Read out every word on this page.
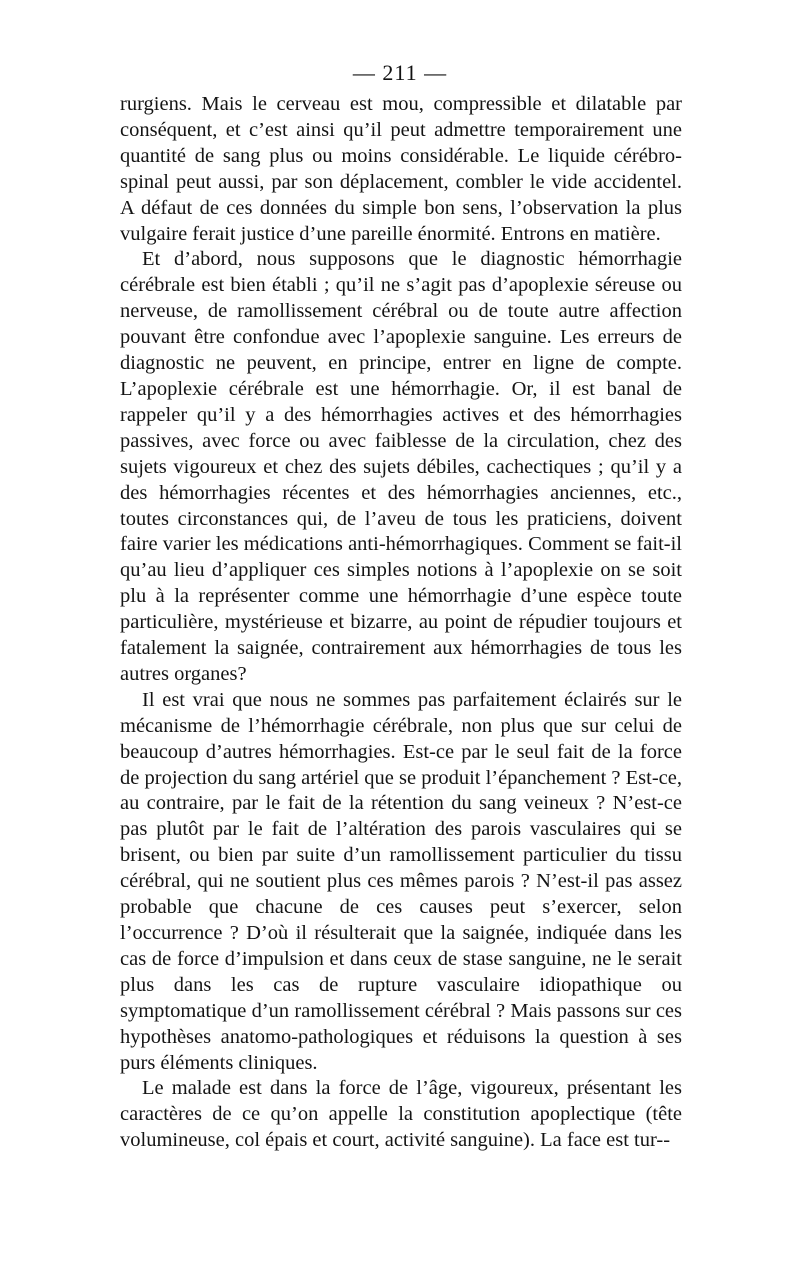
— 211 —

rurgiens. Mais le cerveau est mou, compressible et dilatable par conséquent, et c’est ainsi qu’il peut admettre temporairement une quantité de sang plus ou moins considérable. Le liquide cérébro-spinal peut aussi, par son déplacement, combler le vide accidentel. A défaut de ces données du simple bon sens, l’observation la plus vulgaire ferait justice d’une pareille énormité. Entrons en matière.

Et d’abord, nous supposons que le diagnostic hémorrhagie cérébrale est bien établi ; qu’il ne s’agit pas d’apoplexie séreuse ou nerveuse, de ramollissement cérébral ou de toute autre affection pouvant être confondue avec l’apoplexie sanguine. Les erreurs de diagnostic ne peuvent, en principe, entrer en ligne de compte. L’apoplexie cérébrale est une hémorrhagie. Or, il est banal de rappeler qu’il y a des hémorrhagies actives et des hémorrhagies passives, avec force ou avec faiblesse de la circulation, chez des sujets vigoureux et chez des sujets débiles, cachectiques ; qu’il y a des hémorrhagies récentes et des hémorrhagies anciennes, etc., toutes circonstances qui, de l’aveu de tous les praticiens, doivent faire varier les médications anti-hémorrhagiques. Comment se fait-il qu’au lieu d’appliquer ces simples notions à l’apoplexie on se soit plu à la représenter comme une hémorrhagie d’une espèce toute particulière, mystérieuse et bizarre, au point de répudier toujours et fatalement la saignée, contrairement aux hémorrhagies de tous les autres organes?

Il est vrai que nous ne sommes pas parfaitement éclairés sur le mécanisme de l’hémorrhagie cérébrale, non plus que sur celui de beaucoup d’autres hémorrhagies. Est-ce par le seul fait de la force de projection du sang artériel que se produit l’épanchement ? Est-ce, au contraire, par le fait de la rétention du sang veineux ? N’est-ce pas plutôt par le fait de l’altération des parois vasculaires qui se brisent, ou bien par suite d’un ramollissement particulier du tissu cérébral, qui ne soutient plus ces mêmes parois ? N’est-il pas assez probable que chacune de ces causes peut s’exercer, selon l’occurrence ? D’où il résulterait que la saignée, indiquée dans les cas de force d’impulsion et dans ceux de stase sanguine, ne le serait plus dans les cas de rupture vasculaire idiopathique ou symptomatique d’un ramollissement cérébral ? Mais passons sur ces hypothèses anatomo-pathologiques et réduisons la question à ses purs éléments cliniques.

Le malade est dans la force de l’âge, vigoureux, présentant les caractères de ce qu’on appelle la constitution apoplectique (tête volumineuse, col épais et court, activité sanguine). La face est tur--
